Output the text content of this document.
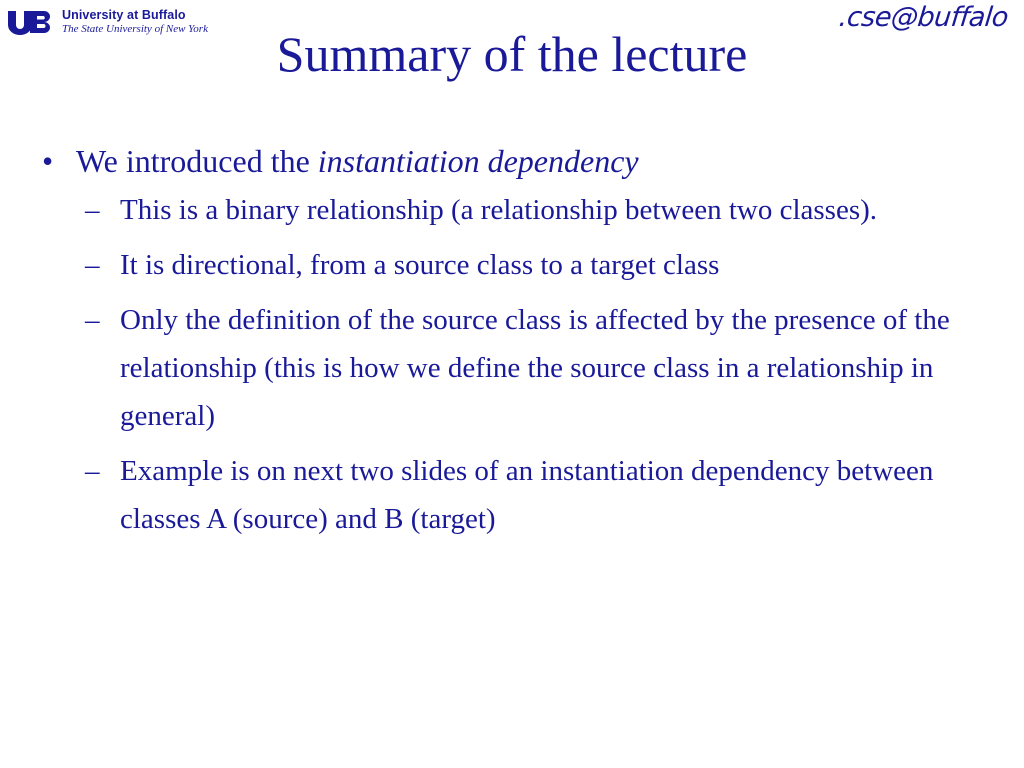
University at Buffalo
The State University of New York	.cse@buffalo
Summary of the lecture
• We introduced the instantiation dependency
– This is a binary relationship (a relationship between two classes).
– It is directional, from a source class to a target class
– Only the definition of the source class is affected by the presence of the relationship (this is how we define the source class in a relationship in general)
– Example is on next two slides of an instantiation dependency between classes A (source) and B (target)
